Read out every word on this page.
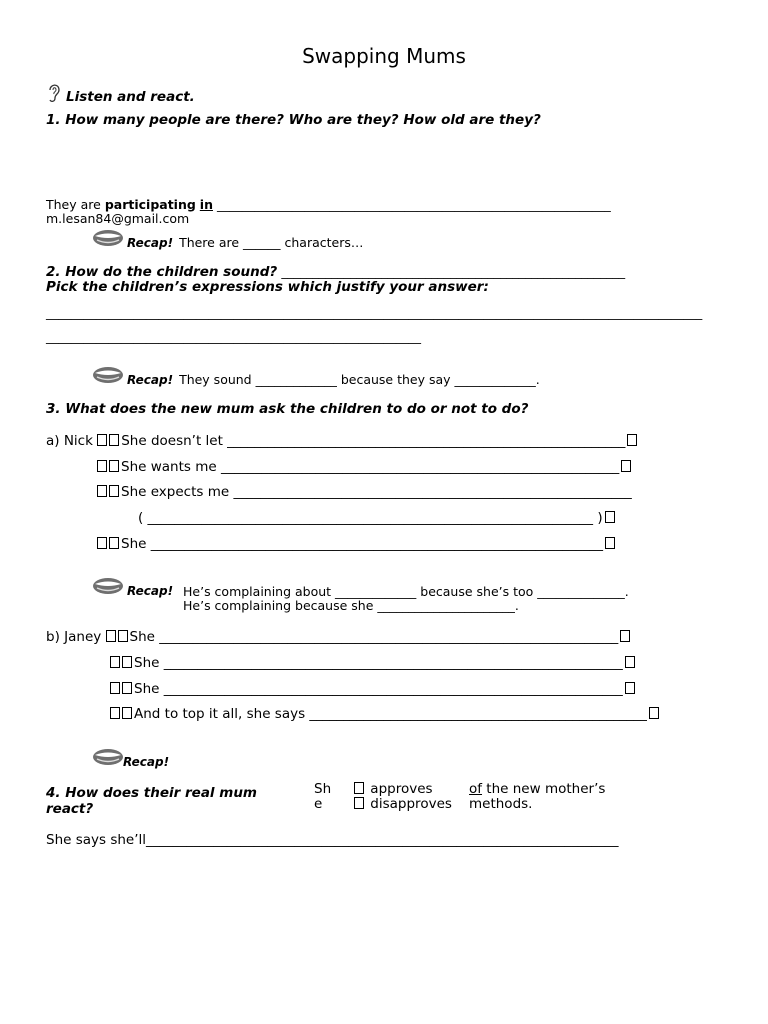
Swapping Mums
Listen and react.
1. How many people are there? Who are they? How old are they?
They are participating in _______________________________________________________________
m.lesan84@gmail.com
Recap! There are ______ characters…
2. How do the children sound? _______________________________________________________
Pick the children’s expressions which justify your answer:
_________________________________________________________________________________________________________
____________________________________________________________
Recap! They sound _____________ because they say _____________.
3. What does the new mum ask the children to do or not to do?
a) Nick She doesn’t let ___________________________________________________________
She wants me ___________________________________________________________
She expects me ___________________________________________________________
( __________________________________________________________________ )
She ___________________________________________________________________
Recap! He’s complaining about _____________ because she’s too ______________.
He’s complaining because she ______________________.
b) Janey She ____________________________________________________________________
She ____________________________________________________________________
She ____________________________________________________________________
And to top it all, she says __________________________________________________
Recap!
4. How does their real mum
react?
Sh
e
approves
disapproves
of the new mother’s
methods.
She says she’ll______________________________________________________________________
